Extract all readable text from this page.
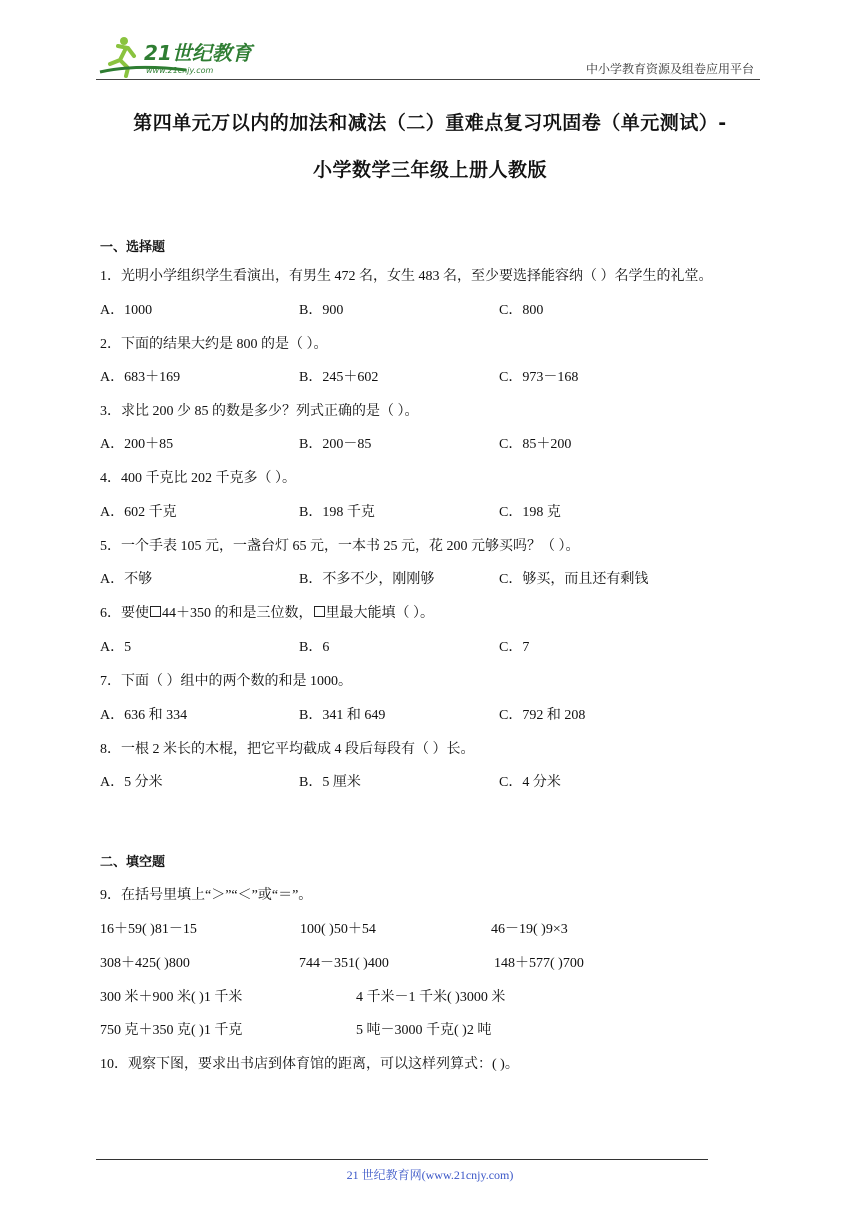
21世纪教育
www.21cnjy.com	中小学教育资源及组卷应用平台
第四单元万以内的加法和减法（二）重难点复习巩固卷（单元测试）-
小学数学三年级上册人教版
一、选择题
1．光明小学组织学生看演出，有男生 472 名，女生 483 名，至少要选择能容纳（ ）名学生的礼堂。
A．1000	B．900	C．800
2．下面的结果大约是 800 的是（ ）。
A．683＋169	B．245＋602	C．973－168
3．求比 200 少 85 的数是多少？列式正确的是（ ）。
A．200＋85	B．200－85	C．85＋200
4．400 千克比 202 千克多（ ）。
A．602 千克	B．198 千克	C．198 克
5．一个手表 105 元，一盏台灯 65 元，一本书 25 元，花 200 元够买吗？（ ）。
A．不够	B．不多不少，刚刚够	C．够买，而且还有剩钱
6．要使 44＋350 的和是三位数， 里最大能填（ ）。
A．5	B．6	C．7
7．下面（ ）组中的两个数的和是 1000。
A．636 和 334	B．341 和 649	C．792 和 208
8．一根 2 米长的木棍，把它平均截成 4 段后每段有（ ）长。
A．5 分米	B．5 厘米	C．4 分米
二、填空题
9．在括号里填上“＞”“＜”或“＝”。
16＋59( )81－15	100( )50＋54	46－19( )9×3
308＋425( )800	744－351( )400	148＋577( )700
300 米＋900 米( )1 千米	4 千米－1 千米( )3000 米
750 克＋350 克( )1 千克	5 吨－3000 千克( )2 吨
10．观察下图，要求出书店到体育馆的距离，可以这样列算式：( )。
21 世纪教育网(www.21cnjy.com)
